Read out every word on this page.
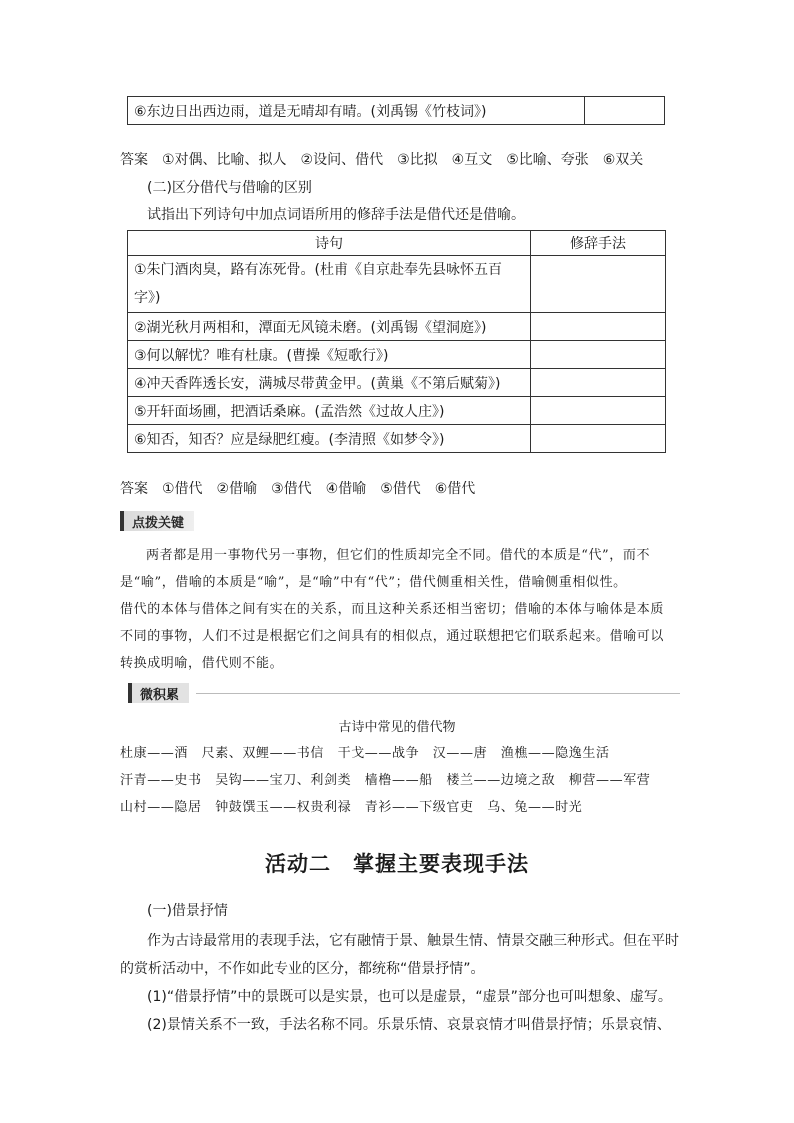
⑥东边日出西边雨，道是无晴却有晴。(刘禹锡《竹枝词》)	
答案　 ①对偶、比喻、拟人　②设问、借代　③比拟　④互文　⑤比喻、夸张　⑥双关
(二)区分借代与借喻的区别
试指出下列诗句中加点词语所用的修辞手法是借代还是借喻。
诗句	修辞手法

①朱门酒肉臭，路有冻死骨。(杜甫《自京赴奉先县咏怀五百
字》)	

②湖光秋月两相和，潭面无风镜未磨。(刘禹锡《望洞庭》)	
③何以解忧？唯有杜康。(曹操《短歌行》)	
④冲天香阵透长安，满城尽带黄金甲。(黄巢《不第后赋菊》)	
⑤开轩面场圃，把酒话桑麻。(孟浩然《过故人庄》)	
⑥知否，知否？应是绿肥红瘦。(李清照《如梦令》)	
答案　 ①借代　②借喻　③借代　④借喻　⑤借代　⑥借代
点拨关键
两者都是用一事物代另一事物，但它们的性质却完全不同。借代的本质是“代”，而不
是“喻”，借喻的本质是“喻”，是“喻”中有“代”；借代侧重相关性，借喻侧重相似性。
借代的本体与借体之间有实在的关系，而且这种关系还相当密切；借喻的本体与喻体是本质
不同的事物，人们不过是根据它们之间具有的相似点，通过联想把它们联系起来。借喻可以
转换成明喻，借代则不能。
微积累
古诗中常见的借代物
杜康——酒　尺素、双鲤——书信　干戈——战争　汉——唐　渔樵——隐逸生活
汗青——史书　吴钩——宝刀、利剑类　樯橹——船　楼兰——边境之敌　柳营——军营
山村——隐居　钟鼓馔玉——权贵利禄　青衫——下级官吏　乌、兔——时光
活动二　掌握主要表现手法
(一)借景抒情
作为古诗最常用的表现手法，它有融情于景、触景生情、情景交融三种形式。但在平时
的赏析活动中，不作如此专业的区分，都统称“借景抒情”。
(1)“借景抒情”中的景既可以是实景，也可以是虚景，“虚景”部分也可叫想象、虚写。
(2)景情关系不一致，手法名称不同。乐景乐情、哀景哀情才叫借景抒情；乐景哀情、
